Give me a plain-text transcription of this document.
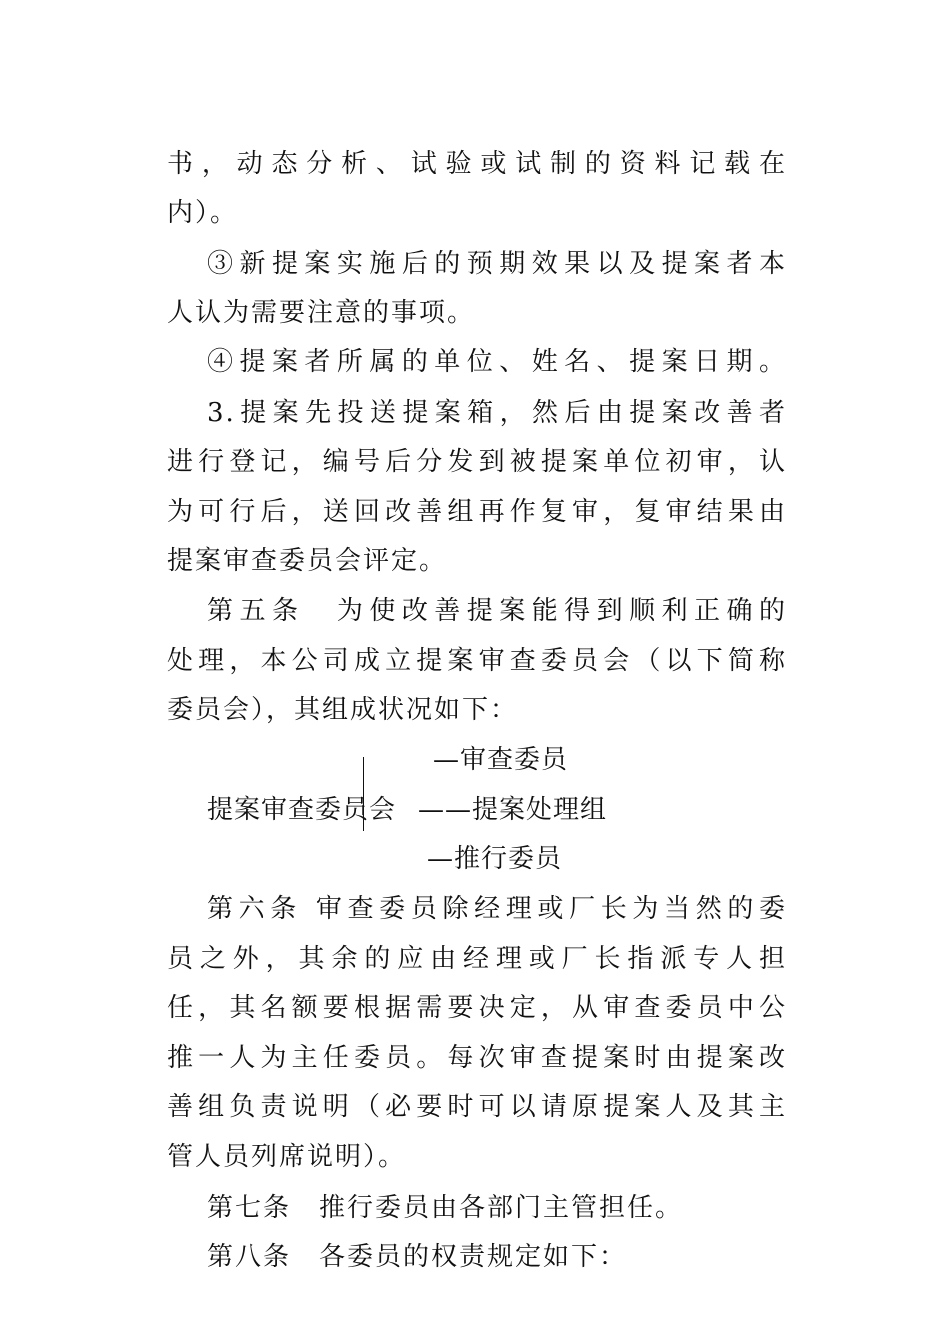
书，动态分析、试验或试制的资料记载在
内）。
③新提案实施后的预期效果以及提案者本
人认为需要注意的事项。
④提案者所属的单位、姓名、提案日期。
3.提案先投送提案箱，然后由提案改善者
进行登记，编号后分发到被提案单位初审，认
为可行后，送回改善组再作复审，复审结果由
提案审查委员会评定。
第五条　为使改善提案能得到顺利正确的
处理，本公司成立提案审查委员会（以下简称
委员会），其组成状况如下：
—审查委员
提案审查委员会 ——提案处理组
—推行委员
第六条 审查委员除经理或厂长为当然的委
员之外，其余的应由经理或厂长指派专人担
任，其名额要根据需要决定，从审查委员中公
推一人为主任委员。每次审查提案时由提案改
善组负责说明（必要时可以请原提案人及其主
管人员列席说明）。
第七条　推行委员由各部门主管担任。
第八条　各委员的权责规定如下：
